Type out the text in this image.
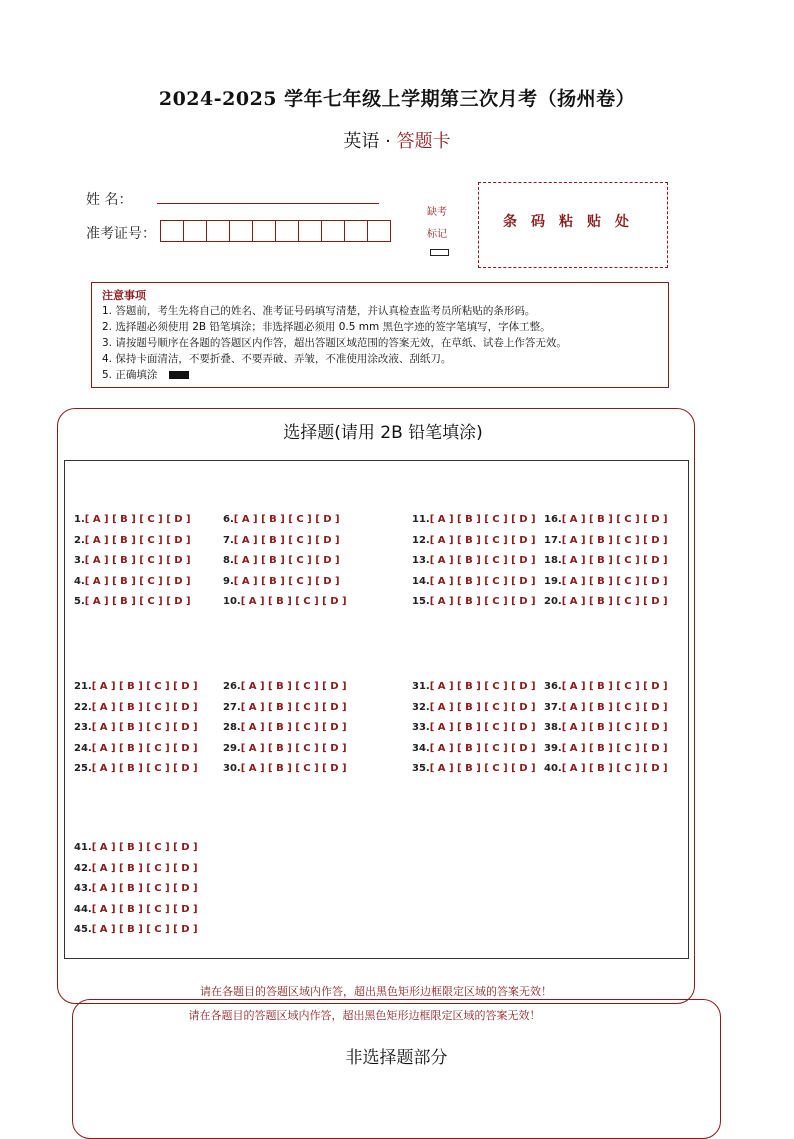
2024-2025 学年七年级上学期第三次月考（扬州卷）
英语 · 答题卡
姓 名：
准考证号：
缺考
标记
条码粘贴处
注意事项
1. 答题前，考生先将自己的姓名、准考证号码填写清楚，并认真检查监考员所粘贴的条形码。
2. 选择题必须使用 2B 铅笔填涂；非选择题必须用 0.5 mm 黑色字迹的签字笔填写，字体工整。
3. 请按题号顺序在各题的答题区内作答，超出答题区域范围的答案无效，在草纸、试卷上作答无效。
4. 保持卡面清洁，不要折叠、不要弄破、弄皱，不准使用涂改液、刮纸刀。
5. 正确填涂
选择题(请用 2B 铅笔填涂)
1.[ A ] [ B ] [ C ] [ D ]
2.[ A ] [ B ] [ C ] [ D ]
3.[ A ] [ B ] [ C ] [ D ]
4.[ A ] [ B ] [ C ] [ D ]
5.[ A ] [ B ] [ C ] [ D ]
6.[ A ] [ B ] [ C ] [ D ]
7.[ A ] [ B ] [ C ] [ D ]
8.[ A ] [ B ] [ C ] [ D ]
9.[ A ] [ B ] [ C ] [ D ]
10.[ A ] [ B ] [ C ] [ D ]
11.[ A ] [ B ] [ C ] [ D ]
12.[ A ] [ B ] [ C ] [ D ]
13.[ A ] [ B ] [ C ] [ D ]
14.[ A ] [ B ] [ C ] [ D ]
15.[ A ] [ B ] [ C ] [ D ]
16.[ A ] [ B ] [ C ] [ D ]
17.[ A ] [ B ] [ C ] [ D ]
18.[ A ] [ B ] [ C ] [ D ]
19.[ A ] [ B ] [ C ] [ D ]
20.[ A ] [ B ] [ C ] [ D ]
21.[ A ] [ B ] [ C ] [ D ]
22.[ A ] [ B ] [ C ] [ D ]
23.[ A ] [ B ] [ C ] [ D ]
24.[ A ] [ B ] [ C ] [ D ]
25.[ A ] [ B ] [ C ] [ D ]
26.[ A ] [ B ] [ C ] [ D ]
27.[ A ] [ B ] [ C ] [ D ]
28.[ A ] [ B ] [ C ] [ D ]
29.[ A ] [ B ] [ C ] [ D ]
30.[ A ] [ B ] [ C ] [ D ]
31.[ A ] [ B ] [ C ] [ D ]
32.[ A ] [ B ] [ C ] [ D ]
33.[ A ] [ B ] [ C ] [ D ]
34.[ A ] [ B ] [ C ] [ D ]
35.[ A ] [ B ] [ C ] [ D ]
36.[ A ] [ B ] [ C ] [ D ]
37.[ A ] [ B ] [ C ] [ D ]
38.[ A ] [ B ] [ C ] [ D ]
39.[ A ] [ B ] [ C ] [ D ]
40.[ A ] [ B ] [ C ] [ D ]
41.[ A ] [ B ] [ C ] [ D ]
42.[ A ] [ B ] [ C ] [ D ]
43.[ A ] [ B ] [ C ] [ D ]
44.[ A ] [ B ] [ C ] [ D ]
45.[ A ] [ B ] [ C ] [ D ]
请在各题目的答题区域内作答，超出黑色矩形边框限定区域的答案无效！
请在各题目的答题区域内作答，超出黑色矩形边框限定区域的答案无效！
非选择题部分
